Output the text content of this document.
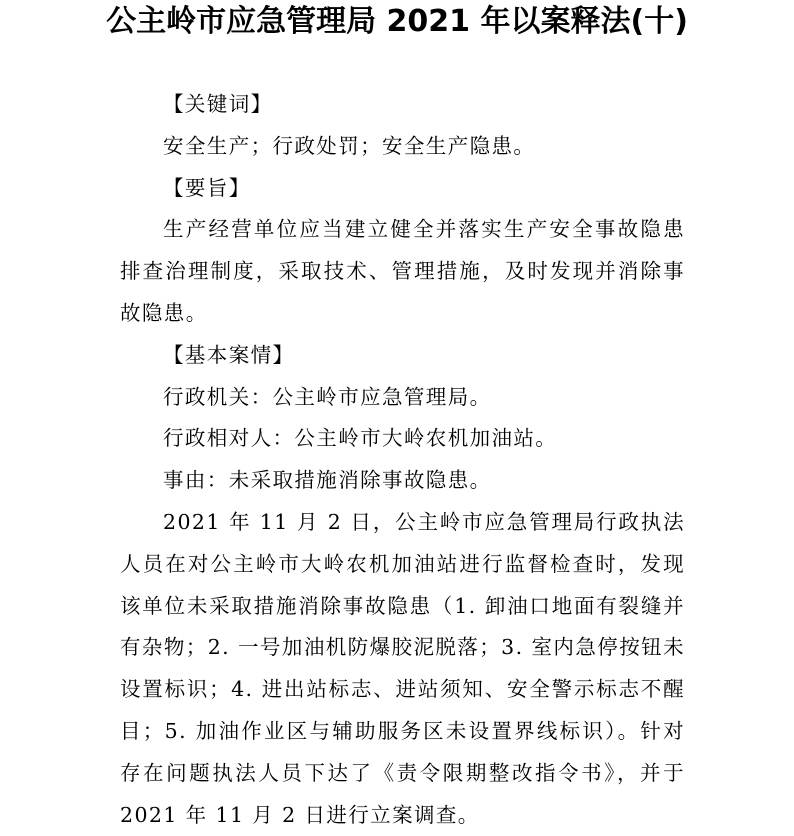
公主岭市应急管理局 2021 年以案释法(十)

【关键词】

安全生产；行政处罚；安全生产隐患。

【要旨】

生产经营单位应当建立健全并落实生产安全事故隐患排查治理制度，采取技术、管理措施，及时发现并消除事故隐患。

【基本案情】

行政机关：公主岭市应急管理局。

行政相对人：公主岭市大岭农机加油站。

事由：未采取措施消除事故隐患。

2021 年 11 月 2 日，公主岭市应急管理局行政执法人员在对公主岭市大岭农机加油站进行监督检查时，发现该单位未采取措施消除事故隐患（1. 卸油口地面有裂缝并有杂物；2. 一号加油机防爆胶泥脱落；3. 室内急停按钮未设置标识；4. 进出站标志、进站须知、安全警示标志不醒目；5. 加油作业区与辅助服务区未设置界线标识）。针对存在问题执法人员下达了《责令限期整改指令书》，并于 2021 年 11 月 2 日进行立案调查。
